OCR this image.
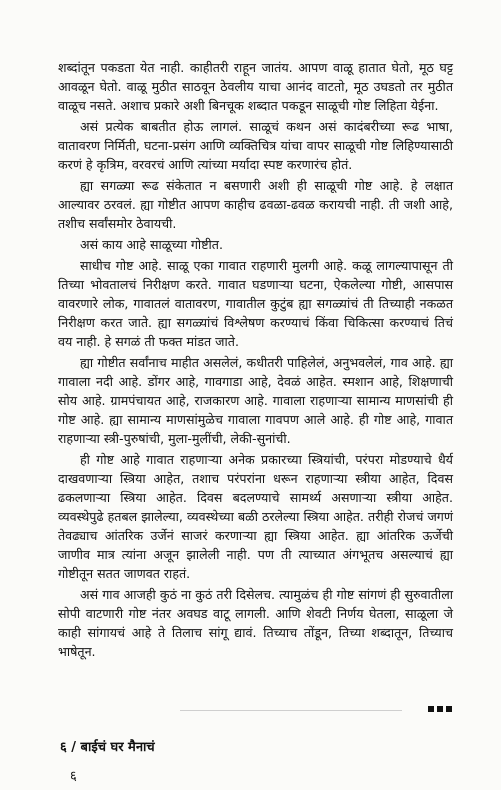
शब्दांतून पकडता येत नाही. काहीतरी राहून जातंय. आपण वाळू हातात घेतो, मूठ घट्ट आवळून घेतो. वाळू मुठीत साठवून ठेवलीय याचा आनंद वाटतो, मूठ उघडतो तर मुठीत वाळूच नसते. अशाच प्रकारे अशी बिनचूक शब्दात पकडून साळूची गोष्ट लिहिता येईना.

असं प्रत्येक बाबतीत होऊ लागलं. साळूचं कथन असं कादंबरीच्या रूढ भाषा, वातावरण निर्मिती, घटना-प्रसंग आणि व्यक्तिचित्र यांचा वापर साळूची गोष्ट लिहिण्यासाठी करणं हे कृत्रिम, वरवरचं आणि त्यांच्या मर्यादा स्पष्ट करणारंच होतं.

ह्या सगळ्या रूढ संकेतात न बसणारी अशी ही साळूची गोष्ट आहे. हे लक्षात आल्यावर ठरवलं. ह्या गोष्टीत आपण काहीच ढवळा-ढवळ करायची नाही. ती जशी आहे, तशीच सर्वांसमोर ठेवायची.

असं काय आहे साळूच्या गोष्टीत.

साधीच गोष्ट आहे. साळू एका गावात राहणारी मुलगी आहे. कळू लागल्यापासून ती तिच्या भोवतालचं निरीक्षण करते. गावात घडणाऱ्या घटना, ऐकलेल्या गोष्टी, आसपास वावरणारे लोक, गावातलं वातावरण, गावातील कुटुंब ह्या सगळ्यांचं ती तिच्याही नकळत निरीक्षण करत जाते. ह्या सगळ्यांचं विश्लेषण करण्याचं किंवा चिकित्सा करण्याचं तिचं वय नाही. हे सगळं ती फक्त मांडत जाते.

ह्या गोष्टीत सर्वांनाच माहीत असलेलं, कधीतरी पाहिलेलं, अनुभवलेलं, गाव आहे. ह्या गावाला नदी आहे. डोंगर आहे, गावगाडा आहे, देवळं आहेत. स्मशान आहे, शिक्षणाची सोय आहे. ग्रामपंचायत आहे, राजकारण आहे. गावाला राहणाऱ्या सामान्य माणसांची ही गोष्ट आहे. ह्या सामान्य माणसांमुळेच गावाला गावपण आले आहे. ही गोष्ट आहे, गावात राहणाऱ्या स्त्री-पुरुषांची, मुला-मुलींची, लेकी-सुनांची.

ही गोष्ट आहे गावात राहणाऱ्या अनेक प्रकारच्या स्त्रियांची, परंपरा मोडण्याचे धैर्य दाखवणाऱ्या स्त्रिया आहेत, तशाच परंपरांना धरून राहणाऱ्या स्त्रीया आहेत, दिवस ढकलणाऱ्या स्त्रिया आहेत. दिवस बदलण्याचे सामर्थ्य असणाऱ्या स्त्रीया आहेत. व्यवस्थेपुढे हतबल झालेल्या, व्यवस्थेच्या बळी ठरलेल्या स्त्रिया आहेत. तरीही रोजचं जगणं तेवढ्याच आंतरिक उर्जेनं साजरं करणाऱ्या ह्या स्त्रिया आहेत. ह्या आंतरिक ऊर्जेची जाणीव मात्र त्यांना अजून झालेली नाही. पण ती त्याच्यात अंगभूतच असल्याचं ह्या गोष्टीतून सतत जाणवत राहतं.

असं गाव आजही कुठं ना कुठं तरी दिसेलच. त्यामुळंच ही गोष्ट सांगणं ही सुरुवातीला सोपी वाटणारी गोष्ट नंतर अवघड वाटू लागली. आणि शेवटी निर्णय घेतला, साळूला जे काही सांगायचं आहे ते तिलाच सांगू द्यावं. तिच्याच तोंडून, तिच्या शब्दातून, तिच्याच भाषेतून.

६ / बाईचं घर मैनाचं
६
